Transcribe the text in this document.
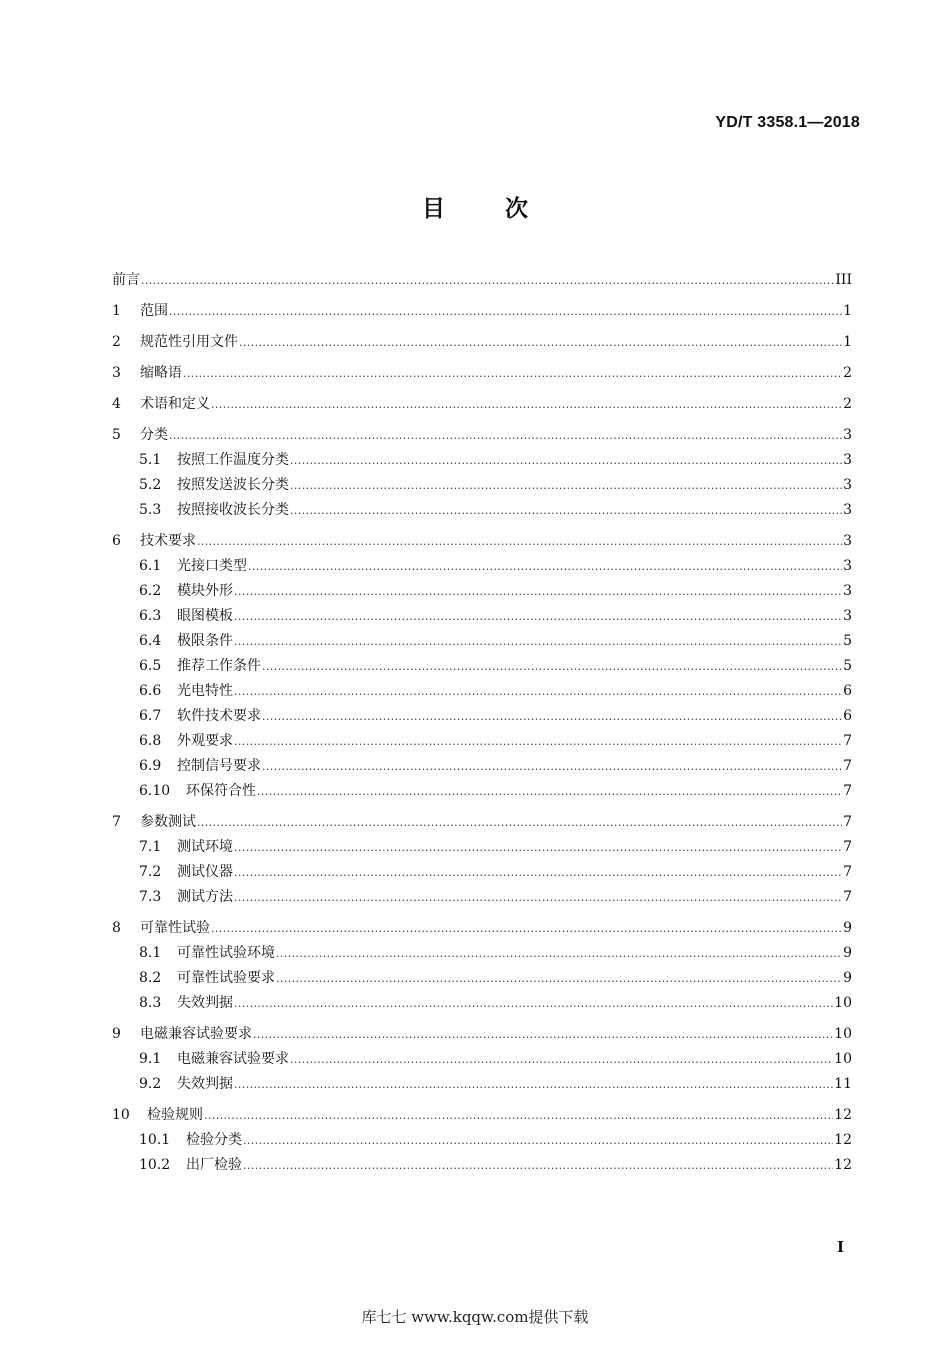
YD/T 3358.1—2018
目	次
前言 .....	III
1	范围 .....	1
2	规范性引用文件 .....	1
3	缩略语 .....	2
4	术语和定义 .....	2
5	分类 .....	3
5.1	按照工作温度分类 .....	3
5.2	按照发送波长分类 .....	3
5.3	按照接收波长分类 .....	3
6	技术要求 .....	3
6.1	光接口类型 .....	3
6.2	模块外形 .....	3
6.3	眼图模板 .....	3
6.4	极限条件 .....	5
6.5	推荐工作条件 .....	5
6.6	光电特性 .....	6
6.7	软件技术要求 .....	6
6.8	外观要求 .....	7
6.9	控制信号要求 .....	7
6.10	环保符合性 .....	7
7	参数测试 .....	7
7.1	测试环境 .....	7
7.2	测试仪器 .....	7
7.3	测试方法 .....	7
8	可靠性试验 .....	9
8.1	可靠性试验环境 .....	9
8.2	可靠性试验要求 .....	9
8.3	失效判据 .....	10
9	电磁兼容试验要求 .....	10
9.1	电磁兼容试验要求 .....	10
9.2	失效判据 .....	11
10	检验规则 .....	12
10.1	检验分类 .....	12
10.2	出厂检验 .....	12
I
库七七 www.kqqw.com提供下载
